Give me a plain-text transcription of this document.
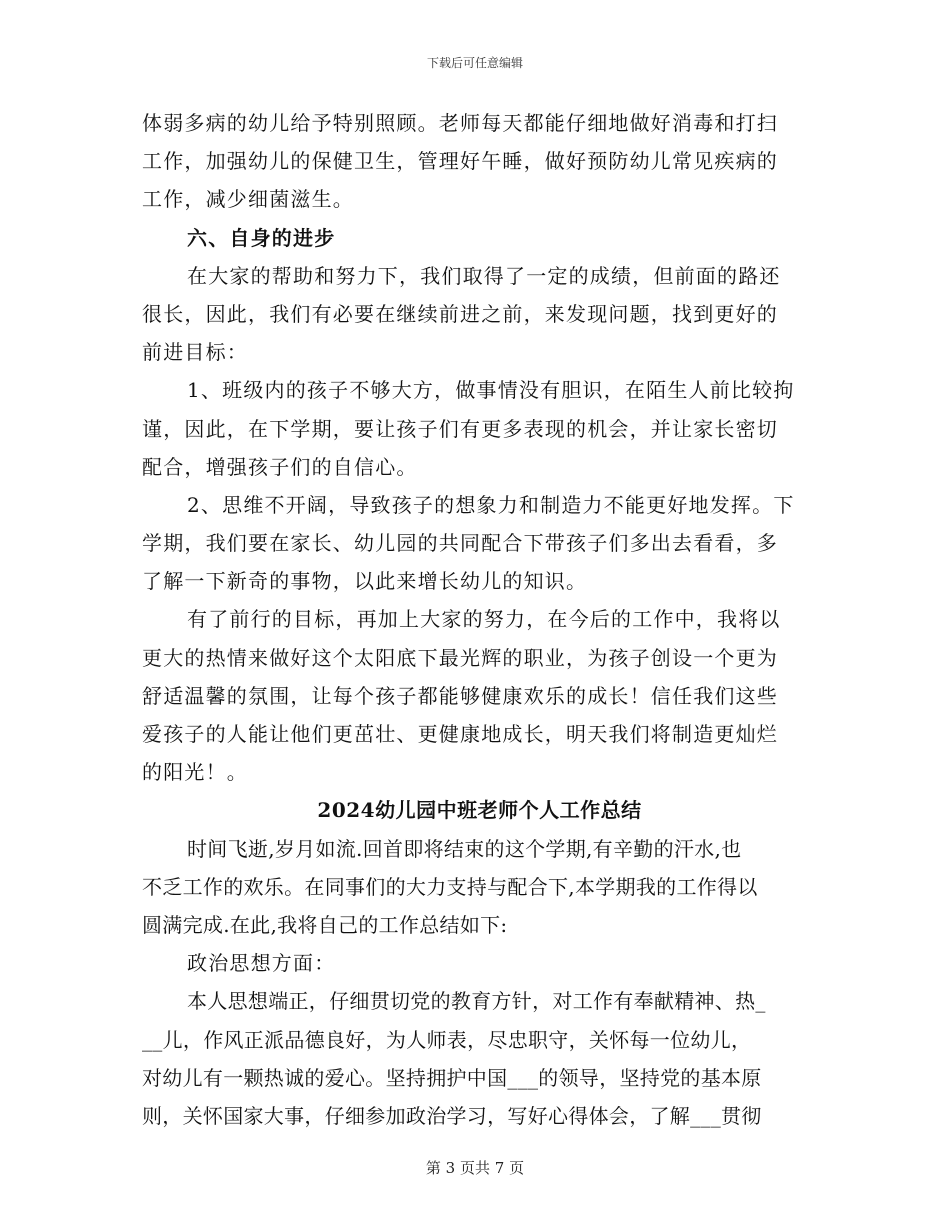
下载后可任意编辑
体弱多病的幼儿给予特别照顾。老师每天都能仔细地做好消毒和打扫
工作，加强幼儿的保健卫生，管理好午睡，做好预防幼儿常见疾病的
工作，减少细菌滋生。
六、自身的进步
在大家的帮助和努力下，我们取得了一定的成绩，但前面的路还
很长，因此，我们有必要在继续前进之前，来发现问题，找到更好的
前进目标：
1、班级内的孩子不够大方，做事情没有胆识，在陌生人前比较拘
谨，因此，在下学期，要让孩子们有更多表现的机会，并让家长密切
配合，增强孩子们的自信心。
2、思维不开阔，导致孩子的想象力和制造力不能更好地发挥。下
学期，我们要在家长、幼儿园的共同配合下带孩子们多出去看看，多
了解一下新奇的事物，以此来增长幼儿的知识。
有了前行的目标，再加上大家的努力，在今后的工作中，我将以
更大的热情来做好这个太阳底下最光辉的职业，为孩子创设一个更为
舒适温馨的氛围，让每个孩子都能够健康欢乐的成长！信任我们这些
爱孩子的人能让他们更茁壮、更健康地成长，明天我们将制造更灿烂
的阳光！。
2024幼儿园中班老师个人工作总结
时间飞逝,岁月如流.回首即将结束的这个学期,有辛勤的汗水,也
不乏工作的欢乐。在同事们的大力支持与配合下,本学期我的工作得以
圆满完成.在此,我将自己的工作总结如下:
政治思想方面：
本人思想端正，仔细贯切党的教育方针，对工作有奉献精神、热_
__儿，作风正派品德良好，为人师表，尽忠职守，关怀每一位幼儿，
对幼儿有一颗热诚的爱心。坚持拥护中国___的领导，坚持党的基本原
则，关怀国家大事，仔细参加政治学习，写好心得体会，了解___贯彻
第 3 页共 7 页
